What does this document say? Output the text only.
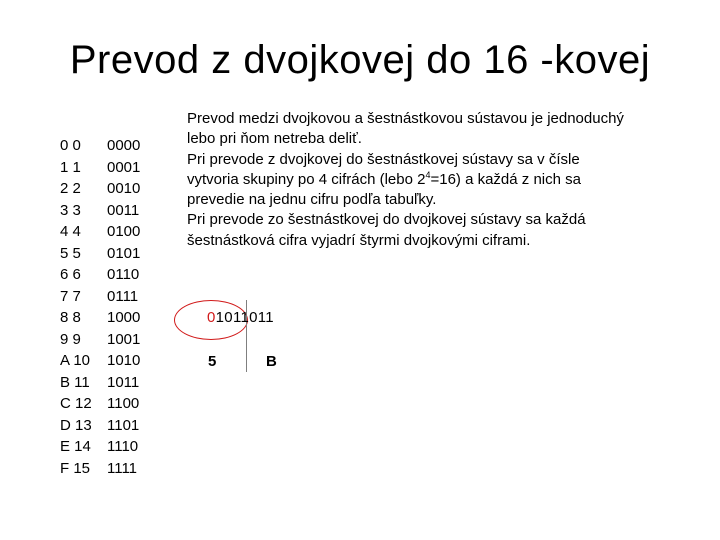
Prevod z dvojkovej do 16 -kovej
0 0 0000
1 1 0001
2 2 0010
3 3 0011
4 4 0100
5 5 0101
6 6 0110
7 7 0111
8 8 1000
9 9 1001
A 10 1010
B 11 1011
C 12 1100
D 13 1101
E 14 1110
F 15 1111

Prevod medzi dvojkovou a šestnástkovou sústavou je jednoduchý lebo pri ňom netreba deliť.

Pri prevode z dvojkovej do šestnástkovej sústavy sa v čísle vytvoria skupiny po 4 cifrách (lebo $2^4=16$) a každá z nich sa prevedie na jednu cifru podľa tabuľky.

Pri prevode zo šestnástkovej do dvojkovej sústavy sa každá šestnástková cifra vyjadrí štyrmi dvojkovými ciframi.

01011011
5	B
